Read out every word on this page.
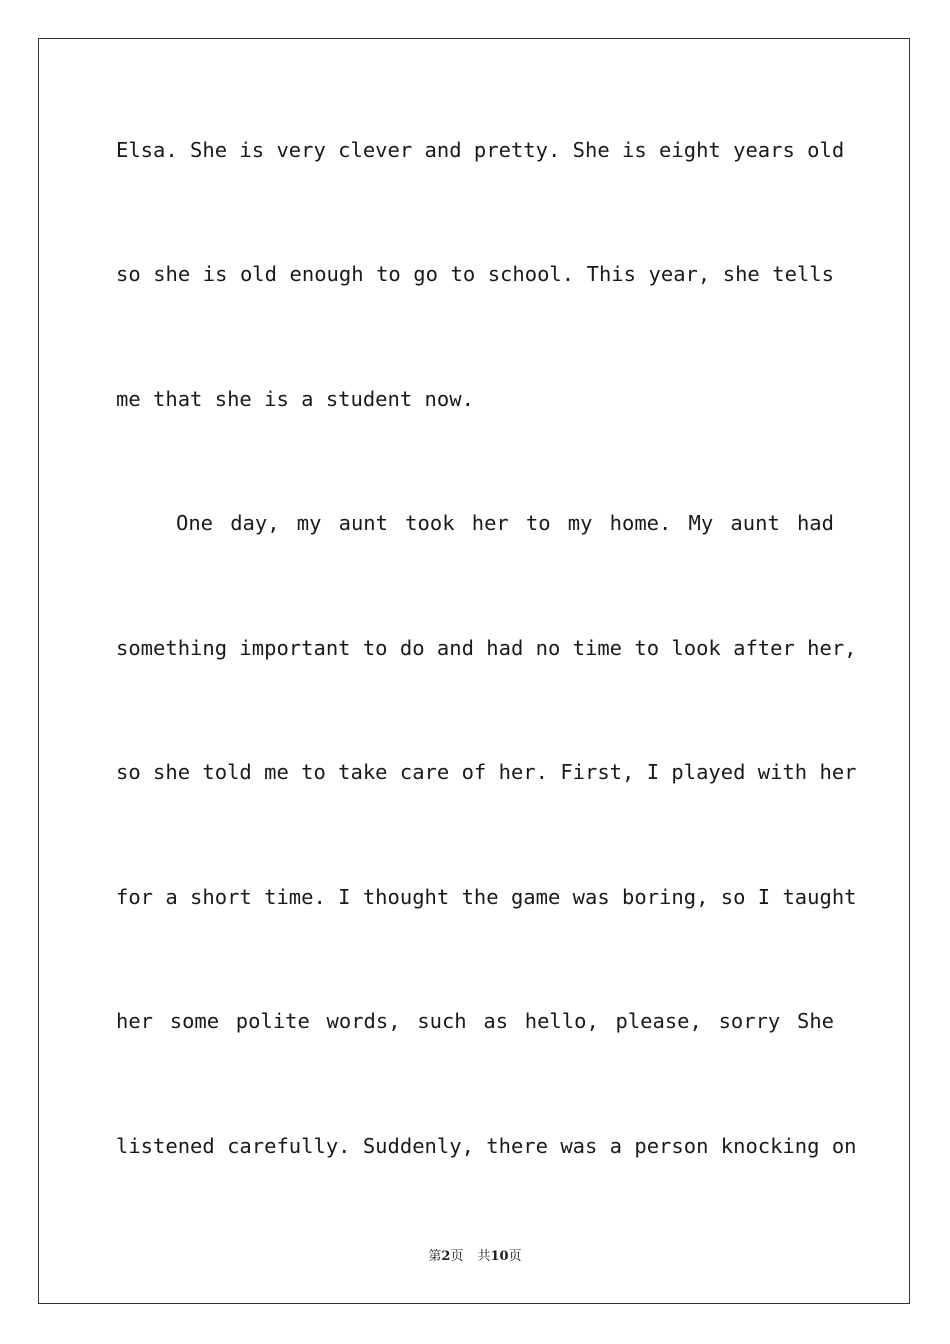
Elsa. She is very clever and pretty. She is eight years old
so she is old enough to go to school. This year, she tells
me that she is a student now.
One day, my aunt took her to my home. My aunt had
something important to do and had no time to look after her,
so she told me to take care of her. First, I played with her
for a short time. I thought the game was boring, so I taught
her some polite words, such as hello, please, sorry She
listened carefully. Suddenly, there was a person knocking on
第2页 共10页
